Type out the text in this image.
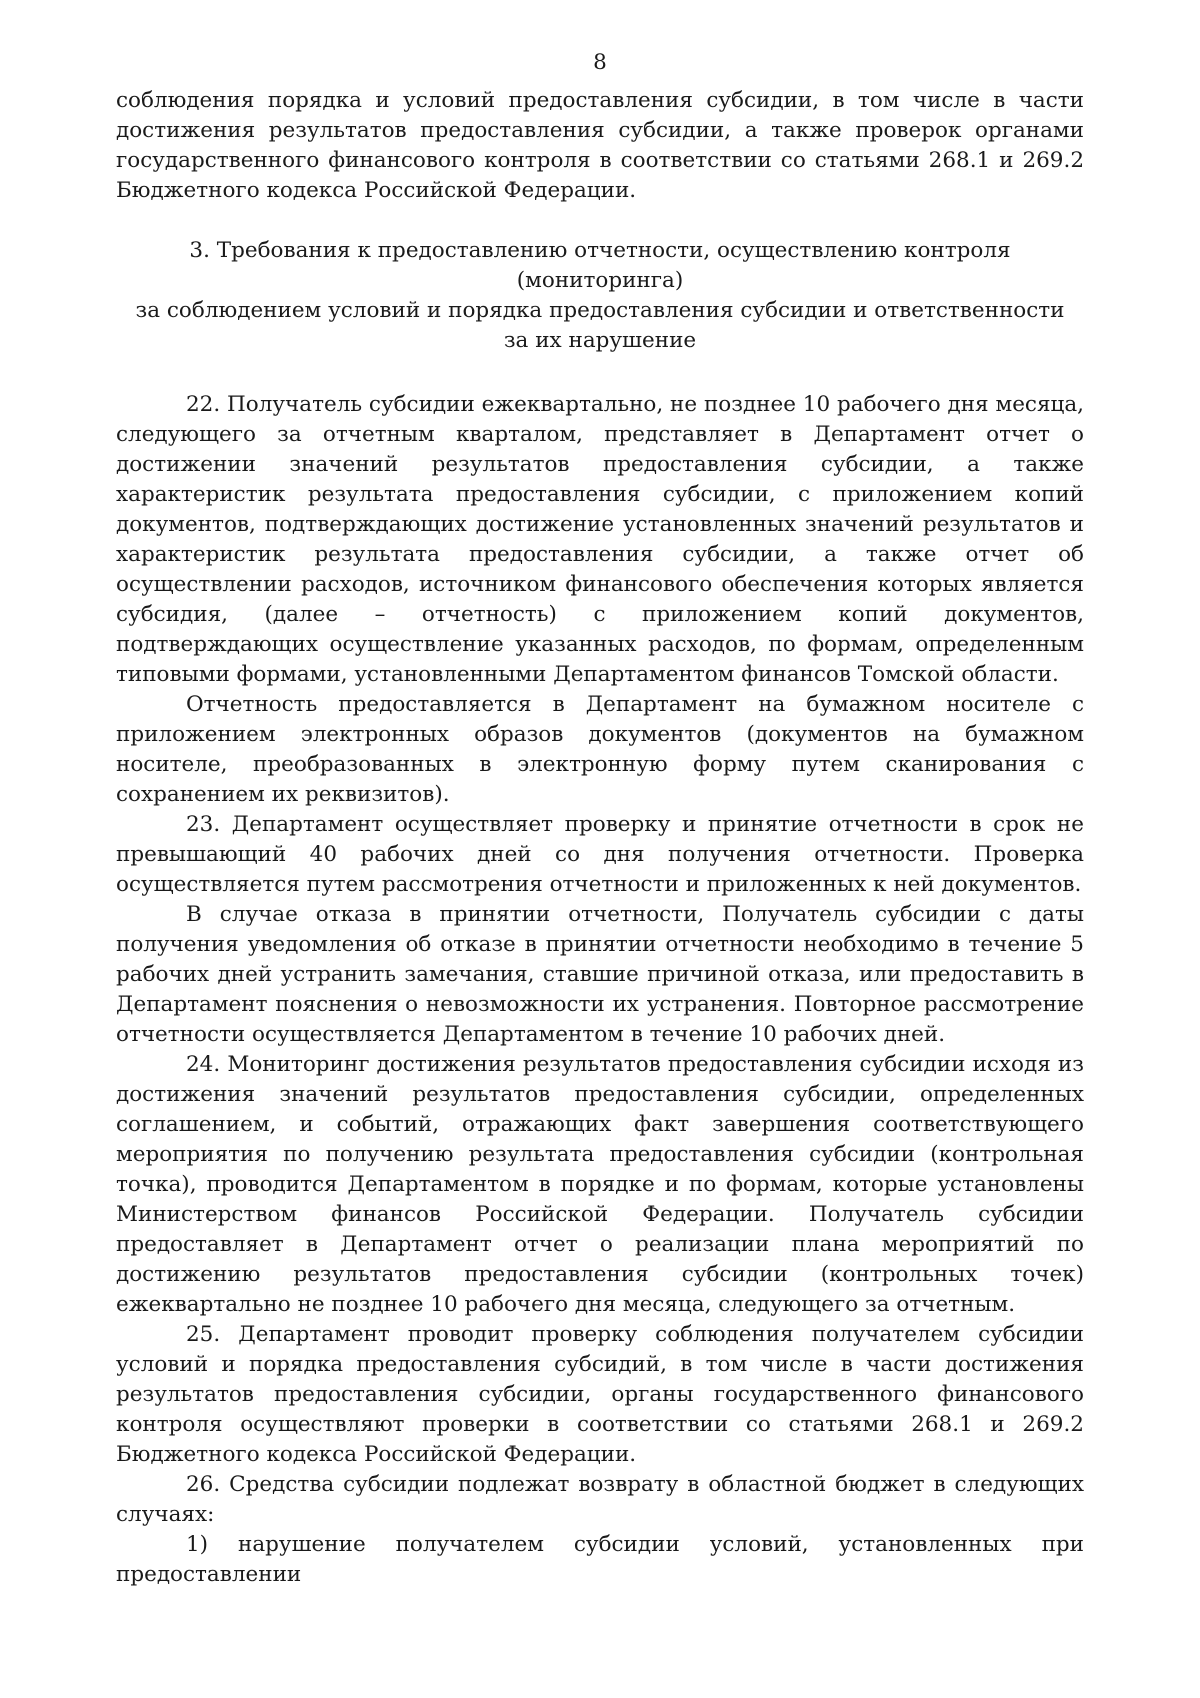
8

соблюдения порядка и условий предоставления субсидии, в том числе в части достижения результатов предоставления субсидии, а также проверок органами государственного финансового контроля в соответствии со статьями 268.1 и 269.2 Бюджетного кодекса Российской Федерации.

3. Требования к предоставлению отчетности, осуществлению контроля (мониторинга)
за соблюдением условий и порядка предоставления субсидии и ответственности
за их нарушение

22. Получатель субсидии ежеквартально, не позднее 10 рабочего дня месяца, следующего за отчетным кварталом, представляет в Департамент отчет о достижении значений результатов предоставления субсидии, а также характеристик результата предоставления субсидии, с приложением копий документов, подтверждающих достижение установленных значений результатов и характеристик результата предоставления субсидии, а также отчет об осуществлении расходов, источником финансового обеспечения которых является субсидия, (далее – отчетность) с приложением копий документов, подтверждающих осуществление указанных расходов, по формам, определенным типовыми формами, установленными Департаментом финансов Томской области.

Отчетность предоставляется в Департамент на бумажном носителе с приложением электронных образов документов (документов на бумажном носителе, преобразованных в электронную форму путем сканирования с сохранением их реквизитов).

23. Департамент осуществляет проверку и принятие отчетности в срок не превышающий 40 рабочих дней со дня получения отчетности. Проверка осуществляется путем рассмотрения отчетности и приложенных к ней документов.

В случае отказа в принятии отчетности, Получатель субсидии с даты получения уведомления об отказе в принятии отчетности необходимо в течение 5 рабочих дней устранить замечания, ставшие причиной отказа, или предоставить в Департамент пояснения о невозможности их устранения. Повторное рассмотрение отчетности осуществляется Департаментом в течение 10 рабочих дней.

24. Мониторинг достижения результатов предоставления субсидии исходя из достижения значений результатов предоставления субсидии, определенных соглашением, и событий, отражающих факт завершения соответствующего мероприятия по получению результата предоставления субсидии (контрольная точка), проводится Департаментом в порядке и по формам, которые установлены Министерством финансов Российской Федерации. Получатель субсидии предоставляет в Департамент отчет о реализации плана мероприятий по достижению результатов предоставления субсидии (контрольных точек) ежеквартально не позднее 10 рабочего дня месяца, следующего за отчетным.

25. Департамент проводит проверку соблюдения получателем субсидии условий и порядка предоставления субсидий, в том числе в части достижения результатов предоставления субсидии, органы государственного финансового контроля осуществляют проверки в соответствии со статьями 268.1 и 269.2 Бюджетного кодекса Российской Федерации.

26. Средства субсидии подлежат возврату в областной бюджет в следующих случаях:

1) нарушение получателем субсидии условий, установленных при предоставлении
